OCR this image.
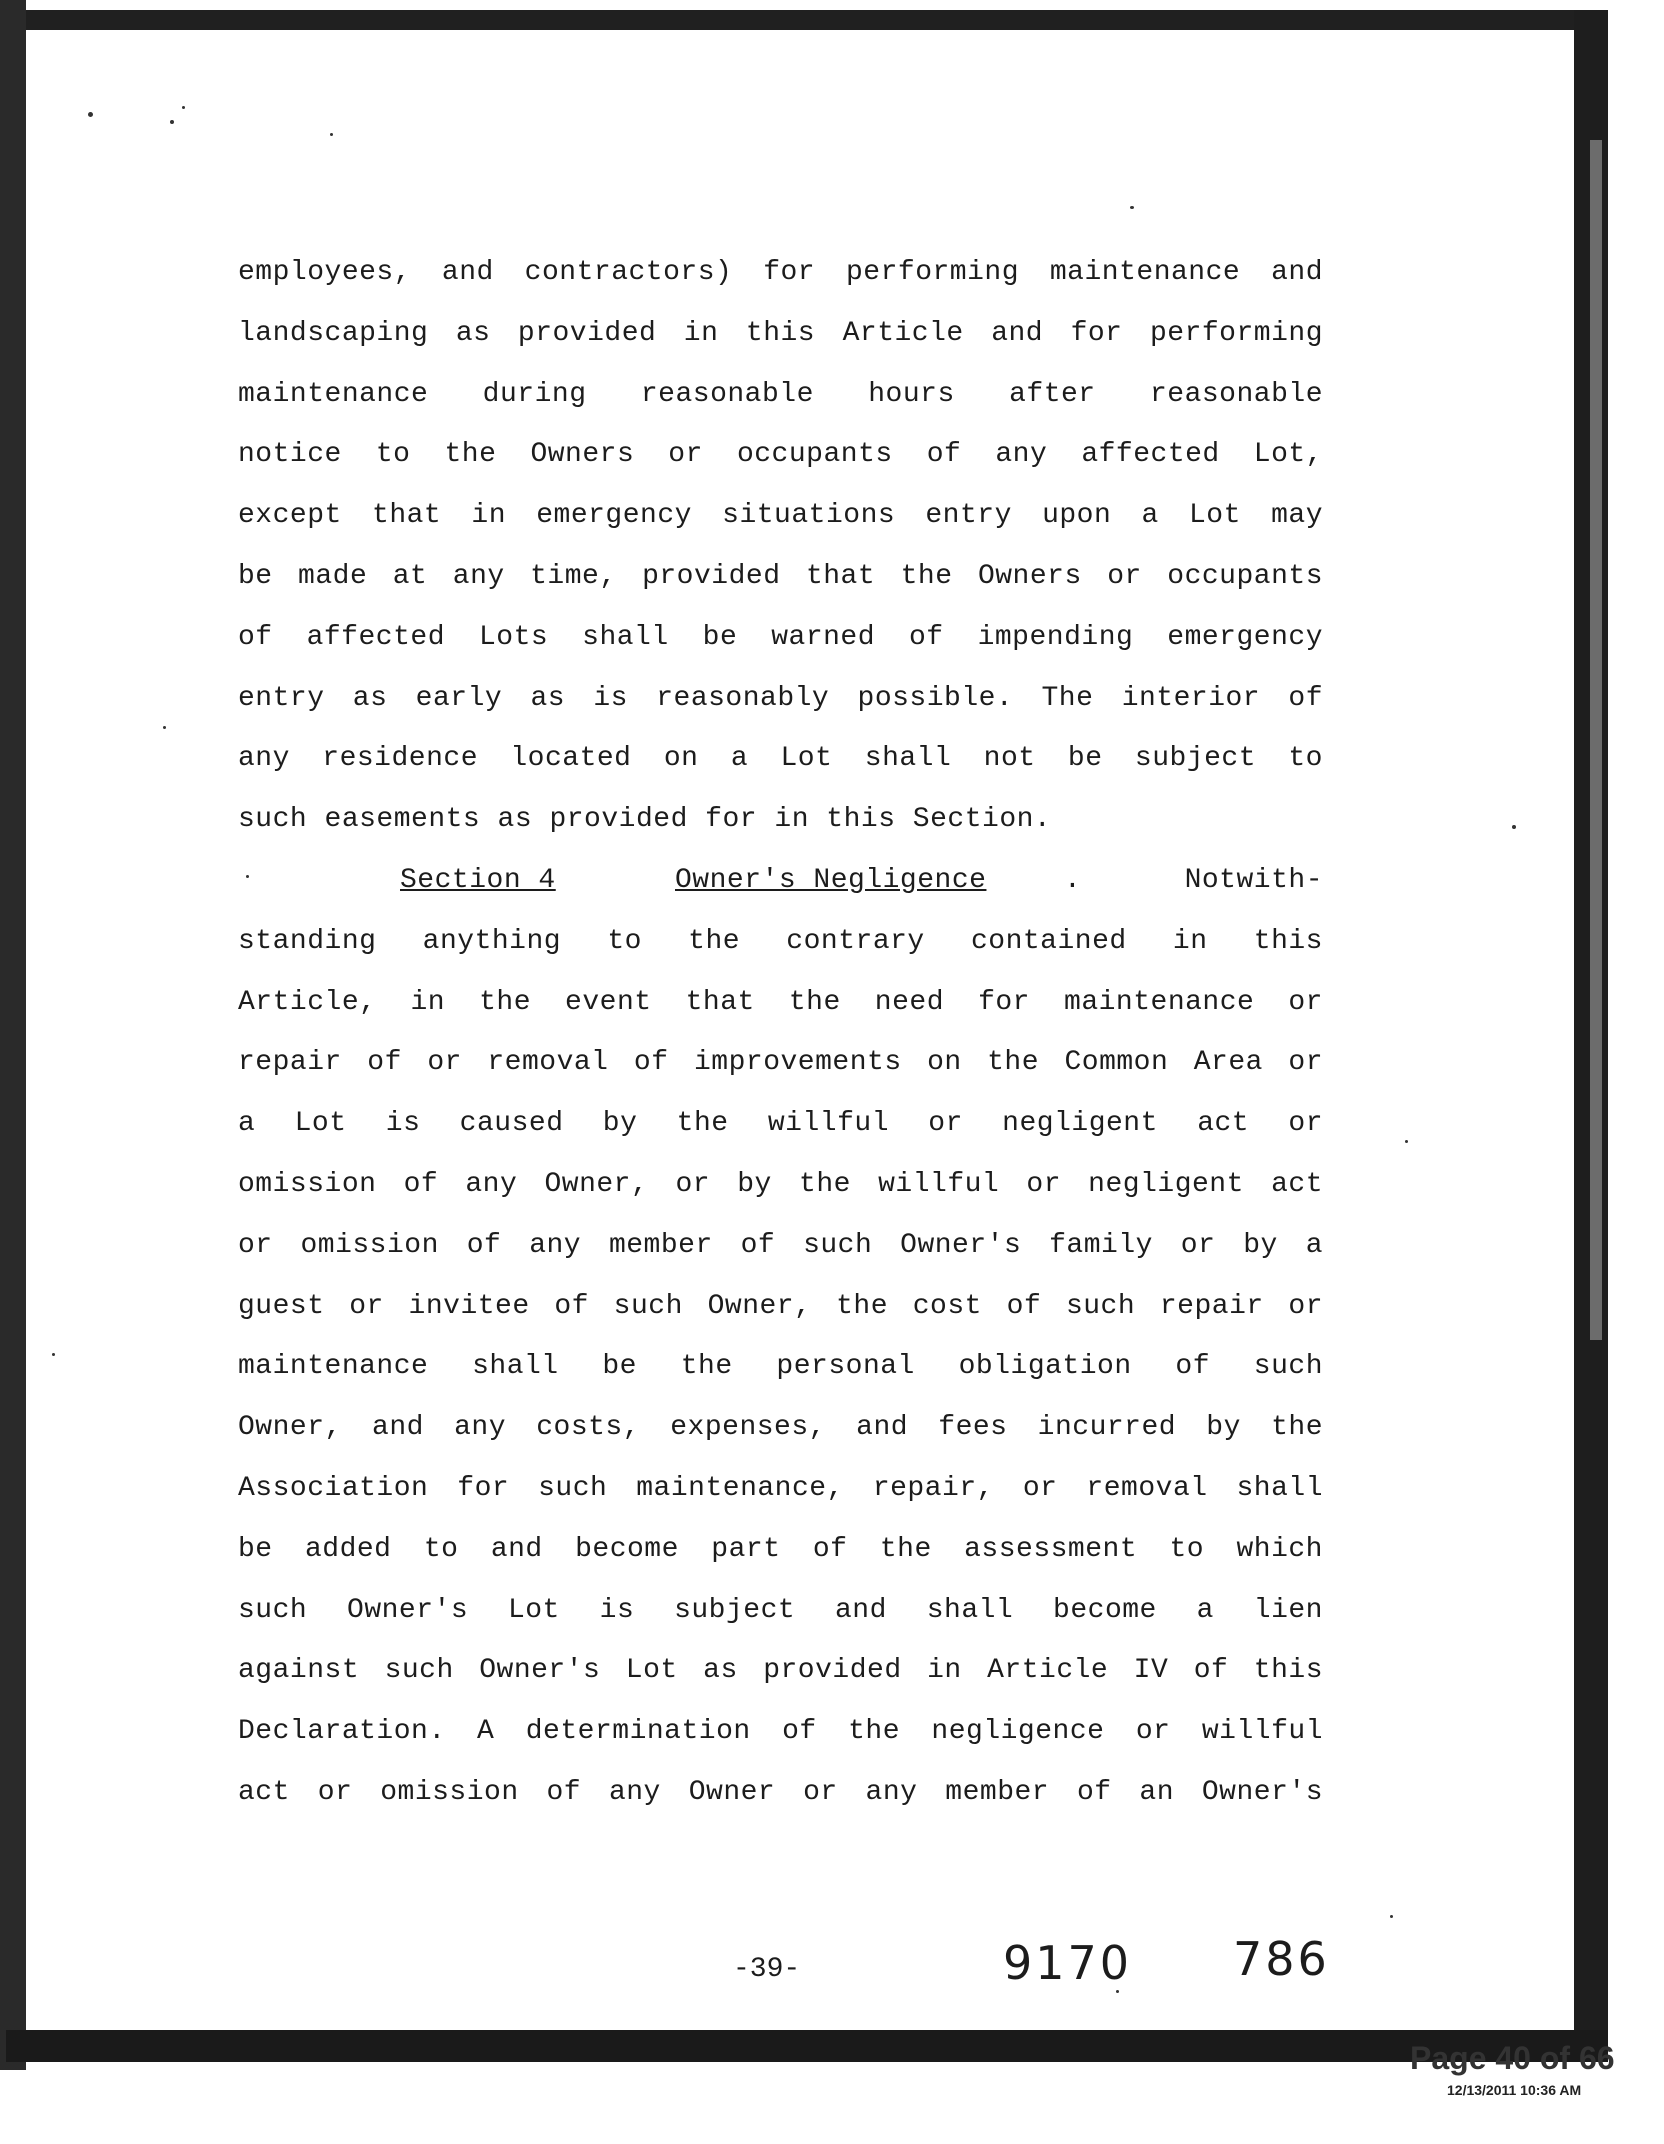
employees, and contractors) for performing maintenance and
landscaping as provided in this Article and for performing
maintenance during reasonable hours after reasonable
notice to the Owners or occupants of any affected Lot,
except that in emergency situations entry upon a Lot may
be made at any time, provided that the Owners or occupants
of affected Lots shall be warned of impending emergency
entry as early as is reasonably possible. The interior of
any residence located on a Lot shall not be subject to
such easements as provided for in this Section.
Section 4	Owner's Negligence	.	Notwith-
standing anything to the contrary contained in this
Article, in the event that the need for maintenance or
repair of or removal of improvements on the Common Area or
a Lot is caused by the willful or negligent act or
omission of any Owner, or by the willful or negligent act
or omission of any member of such Owner's family or by a
guest or invitee of such Owner, the cost of such repair or
maintenance shall be the personal obligation of such
Owner, and any costs, expenses, and fees incurred by the
Association for such maintenance, repair, or removal shall
be added to and become part of the assessment to which
such Owner's Lot is subject and shall become a lien
against such Owner's Lot as provided in Article IV of this
Declaration. A determination of the negligence or willful
act or omission of any Owner or any member of an Owner's
-39-	9170 786
Page 40 of 66
12/13/2011 10:36 AM
